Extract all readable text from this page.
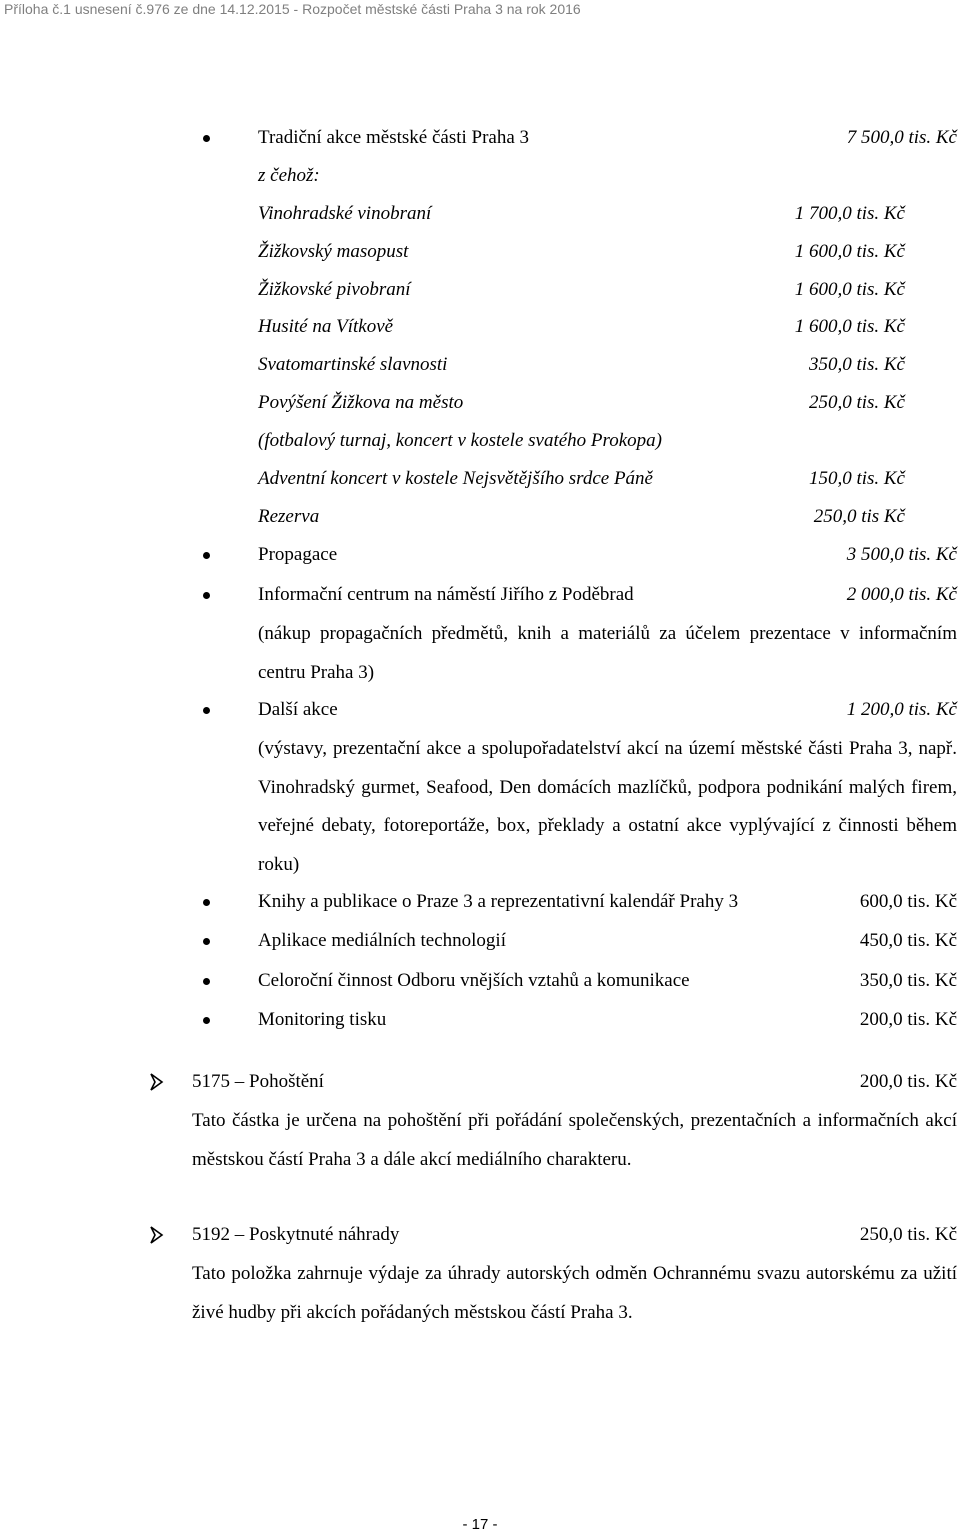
Příloha č.1 usnesení č.976 ze dne 14.12.2015 - Rozpočet městské části Praha 3 na rok 2016
Tradiční akce městské části Praha 3	7 500,0 tis. Kč
z čehož:
Vinohradské vinobraní	1 700,0 tis. Kč
Žižkovský masopust	1 600,0 tis. Kč
Žižkovské pivobraní	1 600,0 tis. Kč
Husité na Vítkově	1 600,0 tis. Kč
Svatomartinské slavnosti	350,0 tis. Kč
Povýšení Žižkova na město	250,0 tis. Kč
(fotbalový turnaj, koncert v kostele svatého Prokopa)
Adventní koncert v kostele Nejsvětějšího srdce Páně	150,0 tis. Kč
Rezerva	250,0 tis Kč
Propagace	3 500,0 tis. Kč
Informační centrum na náměstí Jiřího z Poděbrad	2 000,0 tis. Kč
(nákup propagačních předmětů, knih a materiálů za účelem prezentace v informačním centru Praha 3)
Další akce	1 200,0 tis. Kč
(výstavy, prezentační akce a spolupořadatelství akcí na území městské části Praha 3, např. Vinohradský gurmet, Seafood, Den domácích mazlíčků, podpora podnikání malých firem, veřejné debaty, fotoreportáže, box, překlady a ostatní akce vyplývající z činnosti během roku)
Knihy a publikace o Praze 3 a reprezentativní kalendář Prahy 3	600,0 tis. Kč
Aplikace mediálních technologií	450,0 tis. Kč
Celoroční činnost Odboru vnějších vztahů a komunikace	350,0 tis. Kč
Monitoring tisku	200,0 tis. Kč
5175 – Pohoštění	200,0 tis. Kč
Tato částka je určena na pohoštění při pořádání společenských, prezentačních a informačních akcí městskou částí Praha 3 a dále akcí mediálního charakteru.
5192 – Poskytnuté náhrady	250,0 tis. Kč
Tato položka zahrnuje výdaje za úhrady autorských odměn Ochrannému svazu autorskému za užití živé hudby při akcích pořádaných městskou částí Praha 3.
- 17 -
